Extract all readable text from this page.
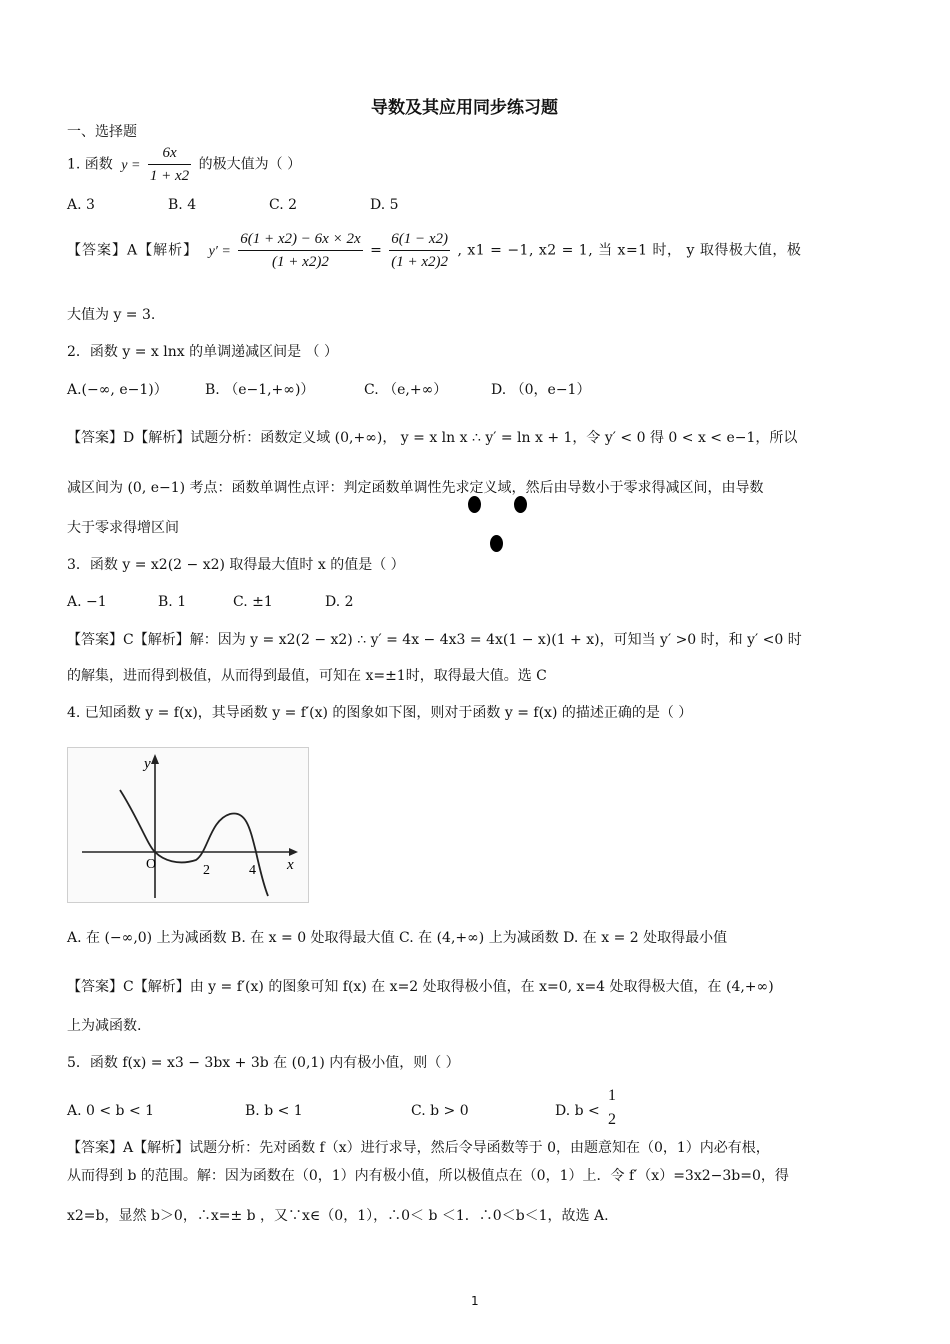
导数及其应用同步练习题
一、选择题
1. 函数 $y = \frac{6x}{1 + x2}$ 的极大值为（ ）
A. 3	B. 4	C. 2	D. 5
【答案】A【解析】 $y' = \frac{6(1 + x2) - 6x \times 2x}{(1 + x2)2} = \frac{6(1 - x2)}{(1 + x2)2}$ , x1 = −1, x2 = 1, 当 x=1 时， y 取得极大值，极
大值为 y = 3.
2．函数 y = x lnx 的单调递减区间是 （ ）
A.(−∞, e−1)）	B. （e−1,+∞)）	C. （e,+∞）	D. （0，e−1）
【答案】D【解析】试题分析：函数定义域 (0,+∞)， y = x ln x ∴ y′ = ln x + 1，令 y′ < 0 得 0 < x < e−1，所以
减区间为 (0, e−1) 考点：函数单调性点评：判定函数单调性先求定义域，然后由导数小于零求得减区间，由导数
大于零求得增区间
3．函数 y = x2(2 − x2) 取得最大值时 x 的值是（ ）
A. −1	B. 1	C. ±1	D. 2
【答案】C【解析】解：因为 y = x2(2 − x2) ∴ y′ = 4x − 4x3 = 4x(1 − x)(1 + x)，可知当 y′ >0 时，和 y′ <0 时
的解集，进而得到极值，从而得到最值，可知在 x=±1时，取得最大值。选 C
4. 已知函数 y = f(x)，其导函数 y = f′(x) 的图象如下图，则对于函数 y = f(x) 的描述正确的是（ ）
y
x
O	2	4
A. 在 (−∞,0) 上为减函数 B. 在 x = 0 处取得最大值 C. 在 (4,+∞) 上为减函数 D. 在 x = 2 处取得最小值
【答案】C【解析】由 y = f′(x) 的图象可知 f(x) 在 x=2 处取得极小值，在 x=0, x=4 处取得极大值，在 (4,+∞)
上为减函数.
5．函数 f(x) = x3 − 3bx + 3b 在 (0,1) 内有极小值，则（ ）
A. 0 < b < 1	B. b < 1	C. b > 0	D. b <
1
2
【答案】A【解析】试题分析：先对函数 f（x）进行求导，然后令导函数等于 0，由题意知在（0，1）内必有根，
从而得到 b 的范围。解：因为函数在（0，1）内有极小值，所以极值点在（0，1）上．令 f′（x）=3x2−3b=0，得
x2=b，显然 b＞0，∴x=± b ，又∵x∈（0，1），∴0＜ b ＜1．∴0＜b＜1，故选 A.
1
